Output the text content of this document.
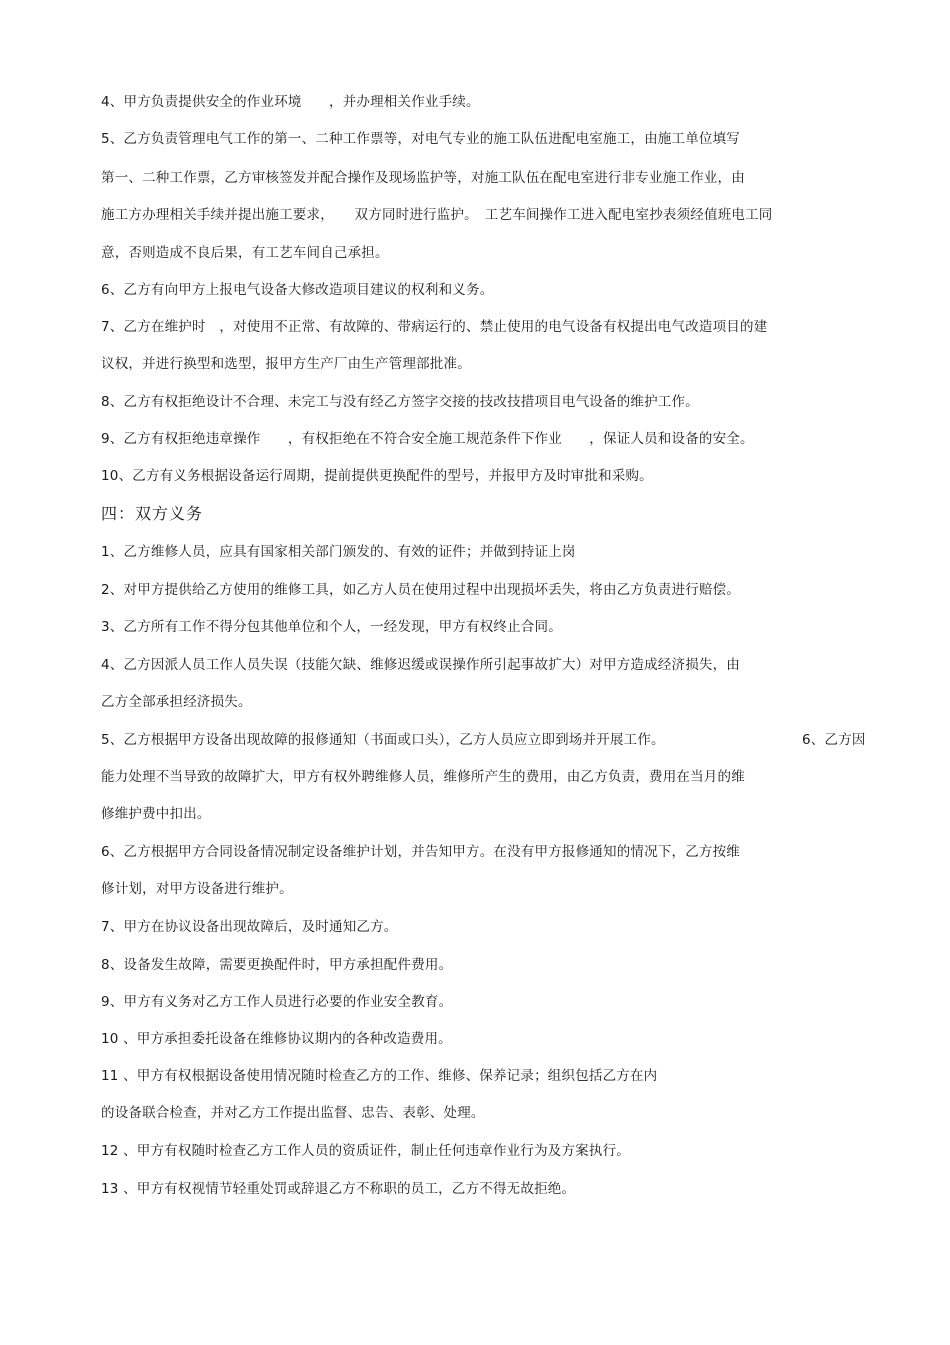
4、甲方负责提供安全的作业环境　　，并办理相关作业手续。
5、乙方负责管理电气工作的第一、二种工作票等，对电气专业的施工队伍进配电室施工，由施工单位填写
第一、二种工作票，乙方审核签发并配合操作及现场监护等，对施工队伍在配电室进行非专业施工作业，由
施工方办理相关手续并提出施工要求，　　双方同时进行监护。　工艺车间操作工进入配电室抄表须经值班电工同
意，否则造成不良后果，有工艺车间自己承担。
6、乙方有向甲方上报电气设备大修改造项目建议的权利和义务。
7、乙方在维护时　，对使用不正常、有故障的、带病运行的、禁止使用的电气设备有权提出电气改造项目的建
议权，并进行换型和选型，报甲方生产厂由生产管理部批准。
8、乙方有权拒绝设计不合理、未完工与没有经乙方签字交接的技改技措项目电气设备的维护工作。
9、乙方有权拒绝违章操作　　，有权拒绝在不符合安全施工规范条件下作业　　，保证人员和设备的安全。
10、乙方有义务根据设备运行周期，提前提供更换配件的型号，并报甲方及时审批和采购。
四：双方义务
1、乙方维修人员，应具有国家相关部门颁发的、有效的证件；并做到持证上岗
2、对甲方提供给乙方使用的维修工具，如乙方人员在使用过程中出现损坏丢失，将由乙方负责进行赔偿。
3、乙方所有工作不得分包其他单位和个人，一经发现，甲方有权终止合同。
4、乙方因派人员工作人员失误（技能欠缺、维修迟缓或误操作所引起事故扩大）对甲方造成经济损失，由
乙方全部承担经济损失。
5、乙方根据甲方设备出现故障的报修通知（书面或口头），乙方人员应立即到场并开展工作。	6、乙方因
能力处理不当导致的故障扩大，甲方有权外聘维修人员，维修所产生的费用，由乙方负责，费用在当月的维
修维护费中扣出。
6、乙方根据甲方合同设备情况制定设备维护计划，并告知甲方。在没有甲方报修通知的情况下，乙方按维
修计划，对甲方设备进行维护。
7、甲方在协议设备出现故障后，及时通知乙方。
8、设备发生故障，需要更换配件时，甲方承担配件费用。
9、甲方有义务对乙方工作人员进行必要的作业安全教育。
10 、甲方承担委托设备在维修协议期内的各种改造费用。
11 、甲方有权根据设备使用情况随时检查乙方的工作、维修、保养记录；组织包括乙方在内
的设备联合检查，并对乙方工作提出监督、忠告、表彰、处理。
12 、甲方有权随时检查乙方工作人员的资质证件，制止任何违章作业行为及方案执行。
13 、甲方有权视情节轻重处罚或辞退乙方不称职的员工，乙方不得无故拒绝。
